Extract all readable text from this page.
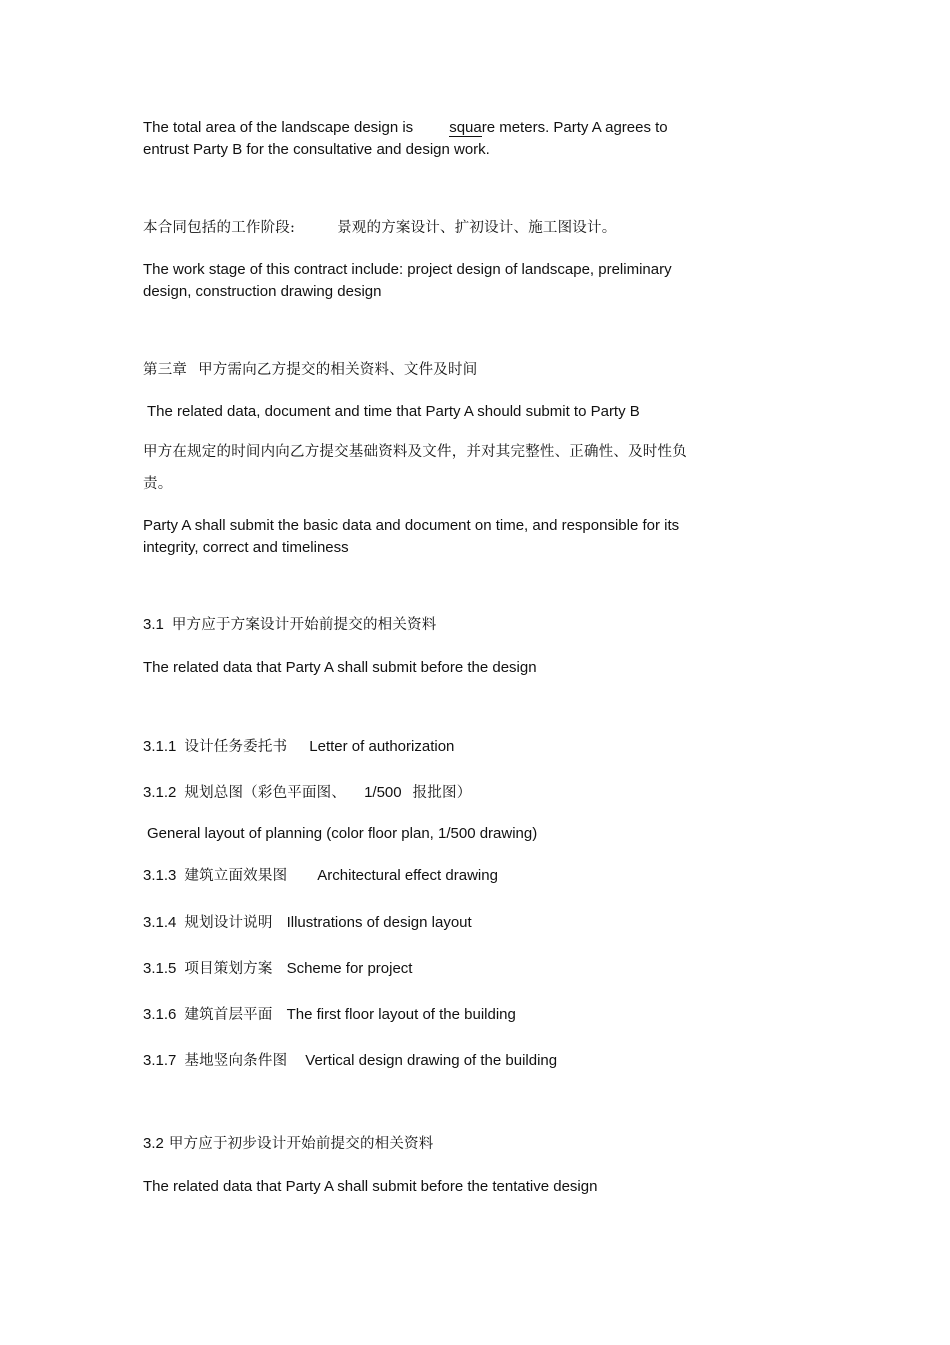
The total area of the landscape design is square meters. Party A agrees to

entrust Party B for the consultative and design work.

本合同包括的工作阶段:	景观的方案设计、扩初设计、施工图设计。

The work stage of this contract include: project design of landscape, preliminary

design, construction drawing design

第三章 甲方需向乙方提交的相关资料、文件及时间

The related data, document and time that Party A should submit to Party B

甲方在规定的时间内向乙方提交基础资料及文件，并对其完整性、正确性、及时性负

责。

Party A shall submit the basic data and document on time, and responsible for its

integrity, correct and timeliness

3.1 甲方应于方案设计开始前提交的相关资料

The related data that Party A shall submit before the design

3.1.1 设计任务委托书 Letter of authorization

3.1.2 规划总图（彩色平面图、 1/500 报批图）

General layout of planning (color floor plan, 1/500 drawing)

3.1.3 建筑立面效果图 Architectural effect drawing

3.1.4 规划设计说明 Illustrations of design layout

3.1.5 项目策划方案 Scheme for project

3.1.6 建筑首层平面 The first floor layout of the building

3.1.7 基地竖向条件图 Vertical design drawing of the building

3.2 甲方应于初步设计开始前提交的相关资料

The related data that Party A shall submit before the tentative design
